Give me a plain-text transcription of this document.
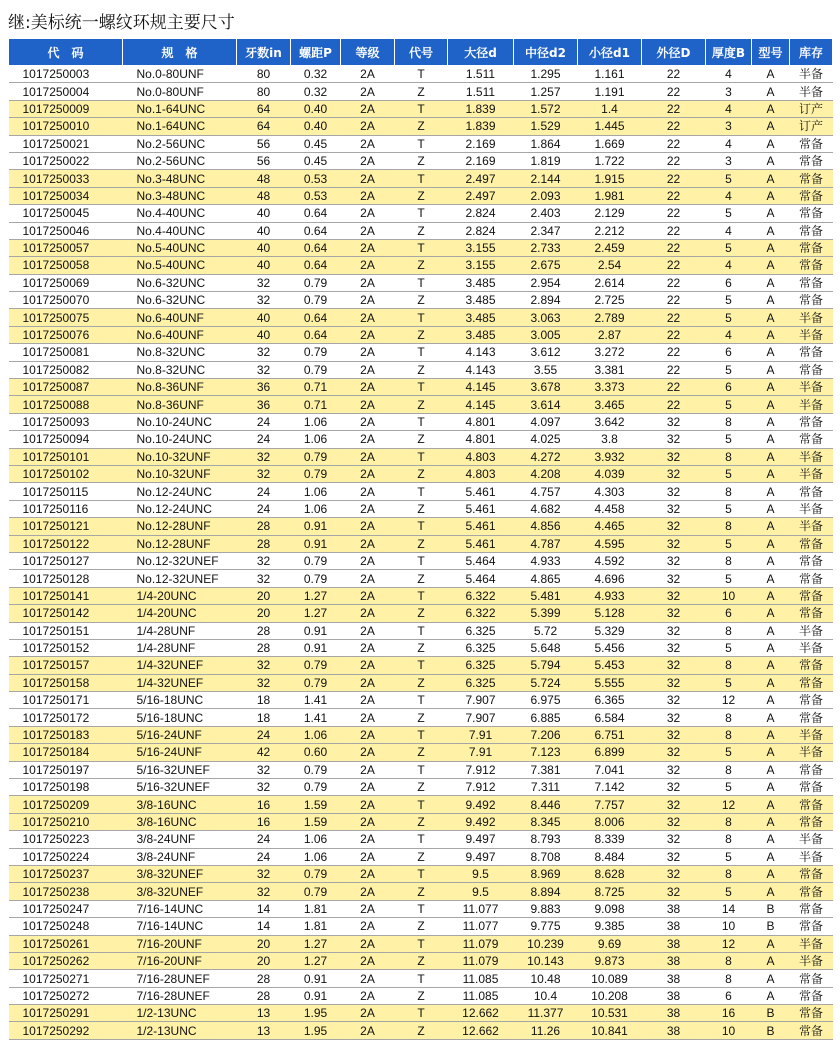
继:美标统一螺纹环规主要尺寸
代　码	规　格	牙数in	螺距P	等级	代号	大径d	中径d2	小径d1	外径D	厚度B	型号	库存
1017250003	No.0-80UNF	80	0.32	2A	T	1.511	1.295	1.161	22	4	A	半备
1017250004	No.0-80UNF	80	0.32	2A	Z	1.511	1.257	1.191	22	3	A	半备
1017250009	No.1-64UNC	64	0.40	2A	T	1.839	1.572	1.4	22	4	A	订产
1017250010	No.1-64UNC	64	0.40	2A	Z	1.839	1.529	1.445	22	3	A	订产
1017250021	No.2-56UNC	56	0.45	2A	T	2.169	1.864	1.669	22	4	A	常备
1017250022	No.2-56UNC	56	0.45	2A	Z	2.169	1.819	1.722	22	3	A	常备
1017250033	No.3-48UNC	48	0.53	2A	T	2.497	2.144	1.915	22	5	A	常备
1017250034	No.3-48UNC	48	0.53	2A	Z	2.497	2.093	1.981	22	4	A	常备
1017250045	No.4-40UNC	40	0.64	2A	T	2.824	2.403	2.129	22	5	A	常备
1017250046	No.4-40UNC	40	0.64	2A	Z	2.824	2.347	2.212	22	4	A	常备
1017250057	No.5-40UNC	40	0.64	2A	T	3.155	2.733	2.459	22	5	A	常备
1017250058	No.5-40UNC	40	0.64	2A	Z	3.155	2.675	2.54	22	4	A	常备
1017250069	No.6-32UNC	32	0.79	2A	T	3.485	2.954	2.614	22	6	A	常备
1017250070	No.6-32UNC	32	0.79	2A	Z	3.485	2.894	2.725	22	5	A	常备
1017250075	No.6-40UNF	40	0.64	2A	T	3.485	3.063	2.789	22	5	A	半备
1017250076	No.6-40UNF	40	0.64	2A	Z	3.485	3.005	2.87	22	4	A	半备
1017250081	No.8-32UNC	32	0.79	2A	T	4.143	3.612	3.272	22	6	A	常备
1017250082	No.8-32UNC	32	0.79	2A	Z	4.143	3.55	3.381	22	5	A	常备
1017250087	No.8-36UNF	36	0.71	2A	T	4.145	3.678	3.373	22	6	A	半备
1017250088	No.8-36UNF	36	0.71	2A	Z	4.145	3.614	3.465	22	5	A	半备
1017250093	No.10-24UNC	24	1.06	2A	T	4.801	4.097	3.642	32	8	A	常备
1017250094	No.10-24UNC	24	1.06	2A	Z	4.801	4.025	3.8	32	5	A	常备
1017250101	No.10-32UNF	32	0.79	2A	T	4.803	4.272	3.932	32	8	A	半备
1017250102	No.10-32UNF	32	0.79	2A	Z	4.803	4.208	4.039	32	5	A	半备
1017250115	No.12-24UNC	24	1.06	2A	T	5.461	4.757	4.303	32	8	A	常备
1017250116	No.12-24UNC	24	1.06	2A	Z	5.461	4.682	4.458	32	5	A	半备
1017250121	No.12-28UNF	28	0.91	2A	T	5.461	4.856	4.465	32	8	A	半备
1017250122	No.12-28UNF	28	0.91	2A	Z	5.461	4.787	4.595	32	5	A	常备
1017250127	No.12-32UNEF	32	0.79	2A	T	5.464	4.933	4.592	32	8	A	常备
1017250128	No.12-32UNEF	32	0.79	2A	Z	5.464	4.865	4.696	32	5	A	常备
1017250141	1/4-20UNC	20	1.27	2A	T	6.322	5.481	4.933	32	10	A	常备
1017250142	1/4-20UNC	20	1.27	2A	Z	6.322	5.399	5.128	32	6	A	常备
1017250151	1/4-28UNF	28	0.91	2A	T	6.325	5.72	5.329	32	8	A	半备
1017250152	1/4-28UNF	28	0.91	2A	Z	6.325	5.648	5.456	32	5	A	半备
1017250157	1/4-32UNEF	32	0.79	2A	T	6.325	5.794	5.453	32	8	A	常备
1017250158	1/4-32UNEF	32	0.79	2A	Z	6.325	5.724	5.555	32	5	A	常备
1017250171	5/16-18UNC	18	1.41	2A	T	7.907	6.975	6.365	32	12	A	常备
1017250172	5/16-18UNC	18	1.41	2A	Z	7.907	6.885	6.584	32	8	A	常备
1017250183	5/16-24UNF	24	1.06	2A	T	7.91	7.206	6.751	32	8	A	半备
1017250184	5/16-24UNF	42	0.60	2A	Z	7.91	7.123	6.899	32	5	A	半备
1017250197	5/16-32UNEF	32	0.79	2A	T	7.912	7.381	7.041	32	8	A	常备
1017250198	5/16-32UNEF	32	0.79	2A	Z	7.912	7.311	7.142	32	5	A	常备
1017250209	3/8-16UNC	16	1.59	2A	T	9.492	8.446	7.757	32	12	A	常备
1017250210	3/8-16UNC	16	1.59	2A	Z	9.492	8.345	8.006	32	8	A	常备
1017250223	3/8-24UNF	24	1.06	2A	T	9.497	8.793	8.339	32	8	A	半备
1017250224	3/8-24UNF	24	1.06	2A	Z	9.497	8.708	8.484	32	5	A	半备
1017250237	3/8-32UNEF	32	0.79	2A	T	9.5	8.969	8.628	32	8	A	常备
1017250238	3/8-32UNEF	32	0.79	2A	Z	9.5	8.894	8.725	32	5	A	常备
1017250247	7/16-14UNC	14	1.81	2A	T	11.077	9.883	9.098	38	14	B	常备
1017250248	7/16-14UNC	14	1.81	2A	Z	11.077	9.775	9.385	38	10	B	常备
1017250261	7/16-20UNF	20	1.27	2A	T	11.079	10.239	9.69	38	12	A	半备
1017250262	7/16-20UNF	20	1.27	2A	Z	11.079	10.143	9.873	38	8	A	半备
1017250271	7/16-28UNEF	28	0.91	2A	T	11.085	10.48	10.089	38	8	A	常备
1017250272	7/16-28UNEF	28	0.91	2A	Z	11.085	10.4	10.208	38	6	A	常备
1017250291	1/2-13UNC	13	1.95	2A	T	12.662	11.377	10.531	38	16	B	常备
1017250292	1/2-13UNC	13	1.95	2A	Z	12.662	11.26	10.841	38	10	B	常备
